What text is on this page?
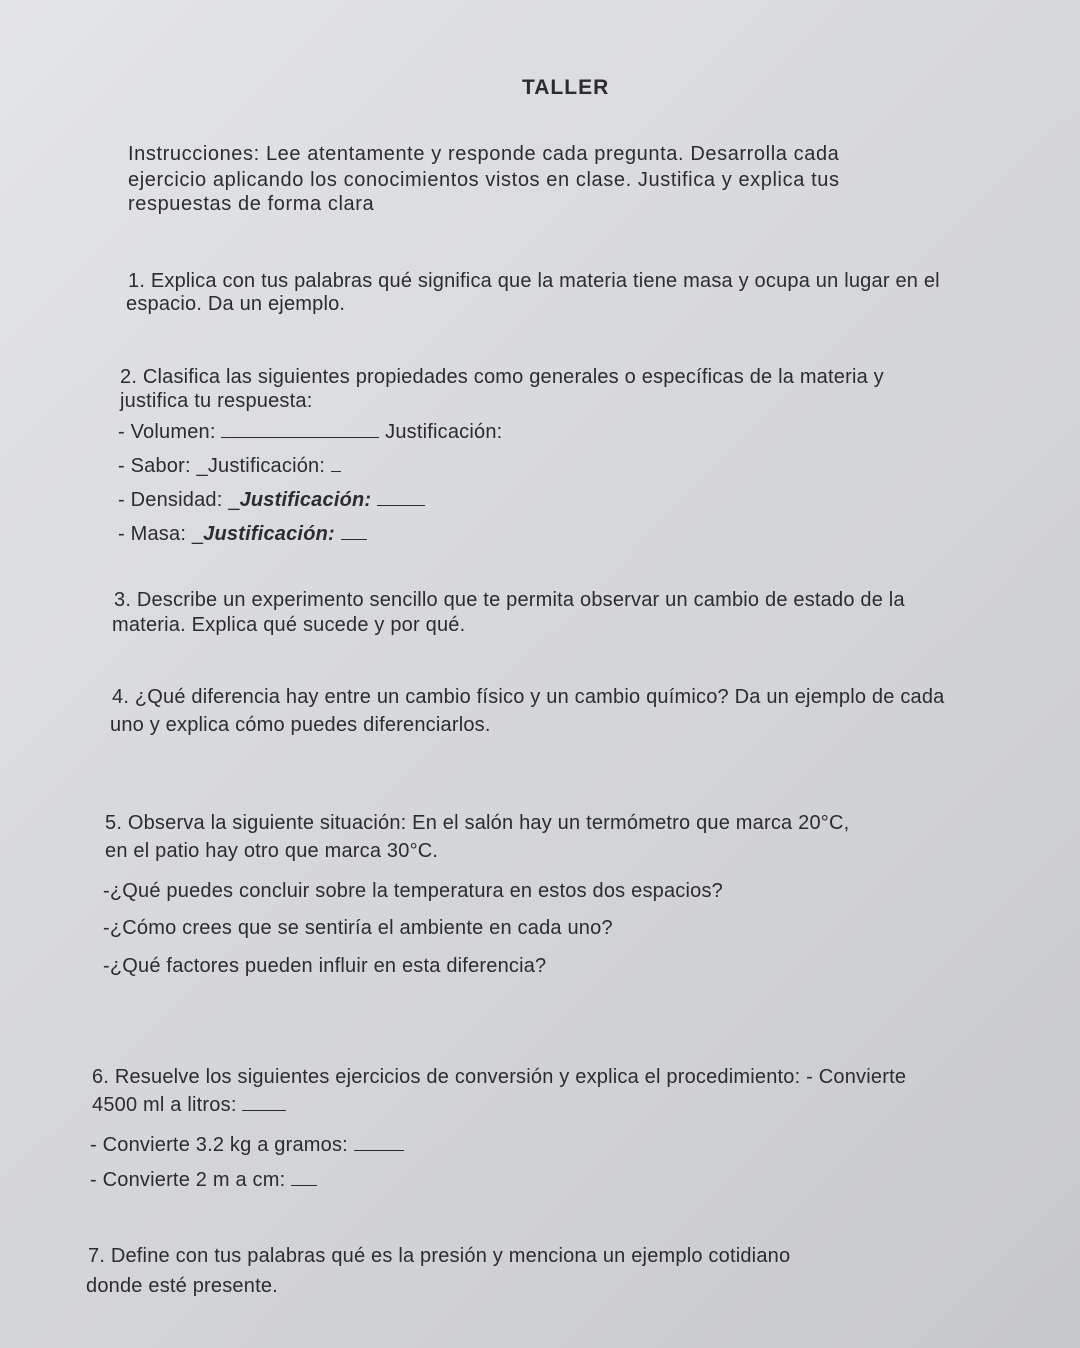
TALLER
Instrucciones: Lee atentamente y responde cada pregunta. Desarrolla cada
ejercicio aplicando los conocimientos vistos en clase. Justifica y explica tus
respuestas de forma clara
1. Explica con tus palabras qué significa que la materia tiene masa y ocupa un lugar en el
espacio. Da un ejemplo.
2. Clasifica las siguientes propiedades como generales o específicas de la materia y
justifica tu respuesta:
- Volumen:	Justificación:
- Sabor: _Justificación:
- Densidad: _Justificación:
- Masa: _Justificación:
3. Describe un experimento sencillo que te permita observar un cambio de estado de la
materia. Explica qué sucede y por qué.
4. ¿Qué diferencia hay entre un cambio físico y un cambio químico? Da un ejemplo de cada
uno y explica cómo puedes diferenciarlos.
5. Observa la siguiente situación: En el salón hay un termómetro que marca 20°C,
en el patio hay otro que marca 30°C.
-¿Qué puedes concluir sobre la temperatura en estos dos espacios?
-¿Cómo crees que se sentiría el ambiente en cada uno?
-¿Qué factores pueden influir en esta diferencia?
6. Resuelve los siguientes ejercicios de conversión y explica el procedimiento: - Convierte
4500 ml a litros:
- Convierte 3.2 kg a gramos:
- Convierte 2 m a cm:
7. Define con tus palabras qué es la presión y menciona un ejemplo cotidiano
donde esté presente.
